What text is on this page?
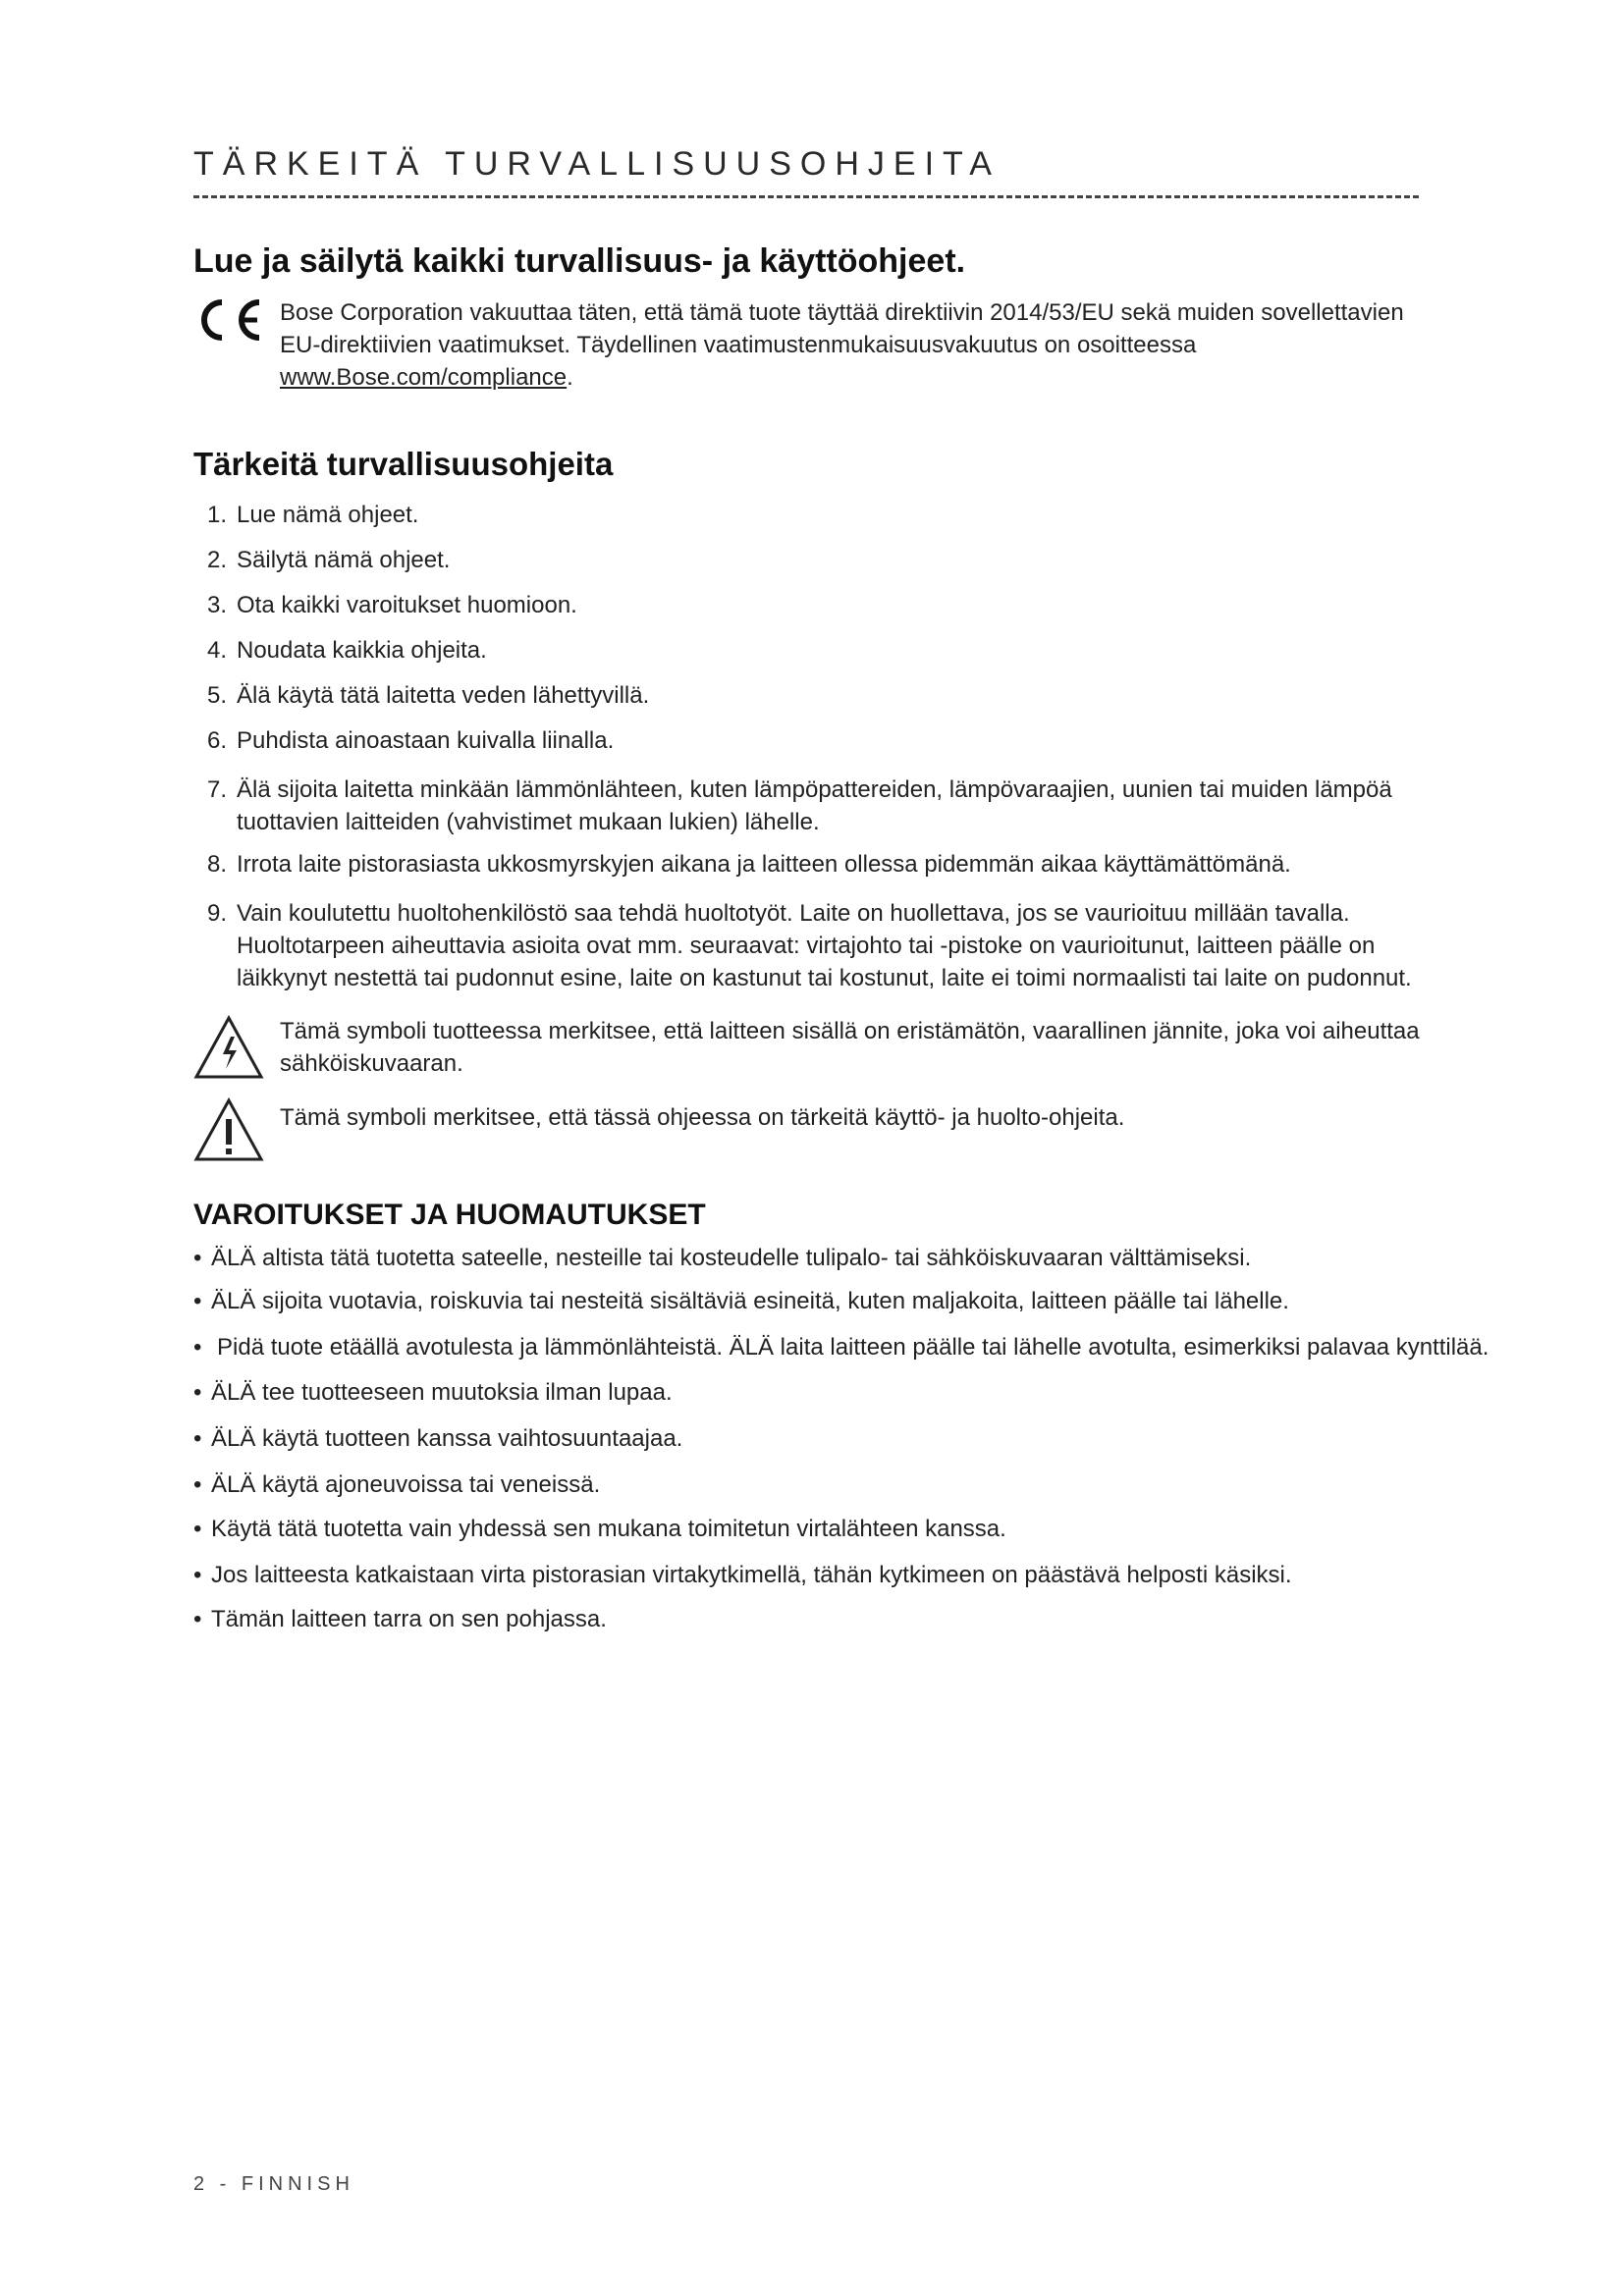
TÄRKEITÄ TURVALLISUUSOHJEITA
Lue ja säilytä kaikki turvallisuus- ja käyttöohjeet.
Bose Corporation vakuuttaa täten, että tämä tuote täyttää direktiivin 2014/53/EU sekä muiden sovellettavien EU-direktiivien vaatimukset. Täydellinen vaatimustenmukaisuusvakuutus on osoitteessa
www.Bose.com/compliance.
Tärkeitä turvallisuusohjeita
1. Lue nämä ohjeet.
2. Säilytä nämä ohjeet.
3. Ota kaikki varoitukset huomioon.
4. Noudata kaikkia ohjeita.
5. Älä käytä tätä laitetta veden lähettyvillä.
6. Puhdista ainoastaan kuivalla liinalla.
7. Älä sijoita laitetta minkään lämmönlähteen, kuten lämpöpattereiden, lämpövaraajien, uunien tai muiden lämpöä tuottavien laitteiden (vahvistimet mukaan lukien) lähelle.
8. Irrota laite pistorasiasta ukkosmyrskyjen aikana ja laitteen ollessa pidemmän aikaa käyttämättömänä.
9. Vain koulutettu huoltohenkilöstö saa tehdä huoltotyöt. Laite on huollettava, jos se vaurioituu millään tavalla. Huoltotarpeen aiheuttavia asioita ovat mm. seuraavat: virtajohto tai -pistoke on vaurioitunut, laitteen päälle on läikkynyt nestettä tai pudonnut esine, laite on kastunut tai kostunut, laite ei toimi normaalisti tai laite on pudonnut.
Tämä symboli tuotteessa merkitsee, että laitteen sisällä on eristämätön, vaarallinen jännite, joka voi aiheuttaa sähköiskuvaaran.
Tämä symboli merkitsee, että tässä ohjeessa on tärkeitä käyttö- ja huolto-ohjeita.
VAROITUKSET JA HUOMAUTUKSET
• ÄLÄ altista tätä tuotetta sateelle, nesteille tai kosteudelle tulipalo- tai sähköiskuvaaran välttämiseksi.
• ÄLÄ sijoita vuotavia, roiskuvia tai nesteitä sisältäviä esineitä, kuten maljakoita, laitteen päälle tai lähelle.
• Pidä tuote etäällä avotulesta ja lämmönlähteistä. ÄLÄ laita laitteen päälle tai lähelle avotulta, esimerkiksi palavaa kynttilää.
• ÄLÄ tee tuotteeseen muutoksia ilman lupaa.
• ÄLÄ käytä tuotteen kanssa vaihtosuuntaajaa.
• ÄLÄ käytä ajoneuvoissa tai veneissä.
• Käytä tätä tuotetta vain yhdessä sen mukana toimitetun virtalähteen kanssa.
• Jos laitteesta katkaistaan virta pistorasian virtakytkimellä, tähän kytkimeen on päästävä helposti käsiksi.
• Tämän laitteen tarra on sen pohjassa.
2 - FINNISH
